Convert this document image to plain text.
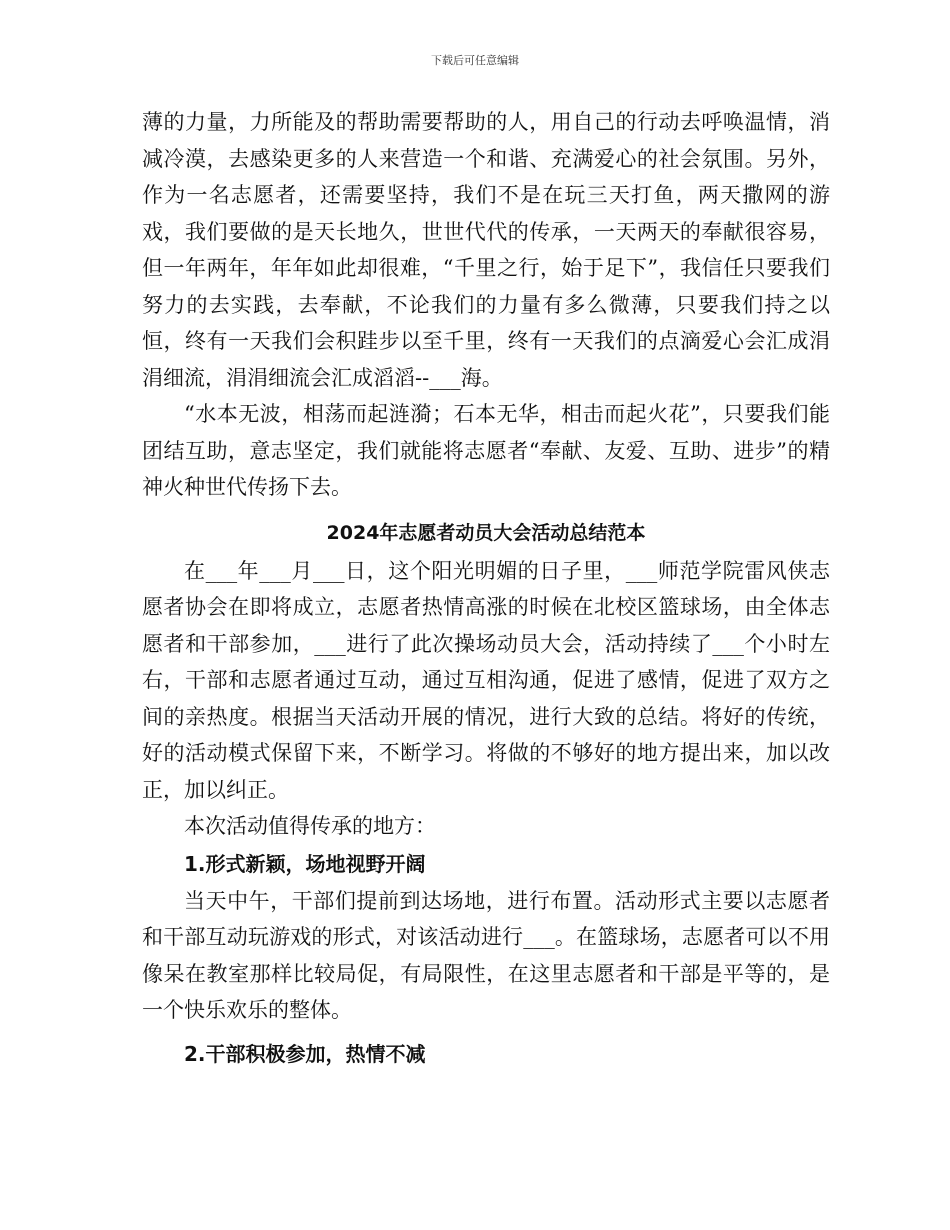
下载后可任意编辑

薄的力量，力所能及的帮助需要帮助的人，用自己的行动去呼唤温情，消减冷漠，去感染更多的人来营造一个和谐、充满爱心的社会氛围。另外，作为一名志愿者，还需要坚持，我们不是在玩三天打鱼，两天撒网的游戏，我们要做的是天长地久，世世代代的传承，一天两天的奉献很容易，但一年两年，年年如此却很难，“千里之行，始于足下”，我信任只要我们努力的去实践，去奉献，不论我们的力量有多么微薄，只要我们持之以恒，终有一天我们会积跬步以至千里，终有一天我们的点滴爱心会汇成涓涓细流，涓涓细流会汇成滔滔--___海。

“水本无波，相荡而起涟漪；石本无华，相击而起火花”，只要我们能团结互助，意志坚定，我们就能将志愿者“奉献、友爱、互助、进步”的精神火种世代传扬下去。

2024年志愿者动员大会活动总结范本

在___年___月___日，这个阳光明媚的日子里，___师范学院雷风侠志愿者协会在即将成立，志愿者热情高涨的时候在北校区篮球场，由全体志愿者和干部参加，___进行了此次操场动员大会，活动持续了___个小时左右，干部和志愿者通过互动，通过互相沟通，促进了感情，促进了双方之间的亲热度。根据当天活动开展的情况，进行大致的总结。将好的传统，好的活动模式保留下来，不断学习。将做的不够好的地方提出来，加以改正，加以纠正。

本次活动值得传承的地方：

1.形式新颖，场地视野开阔

当天中午，干部们提前到达场地，进行布置。活动形式主要以志愿者和干部互动玩游戏的形式，对该活动进行___。在篮球场，志愿者可以不用像呆在教室那样比较局促，有局限性，在这里志愿者和干部是平等的，是一个快乐欢乐的整体。

2.干部积极参加，热情不减
